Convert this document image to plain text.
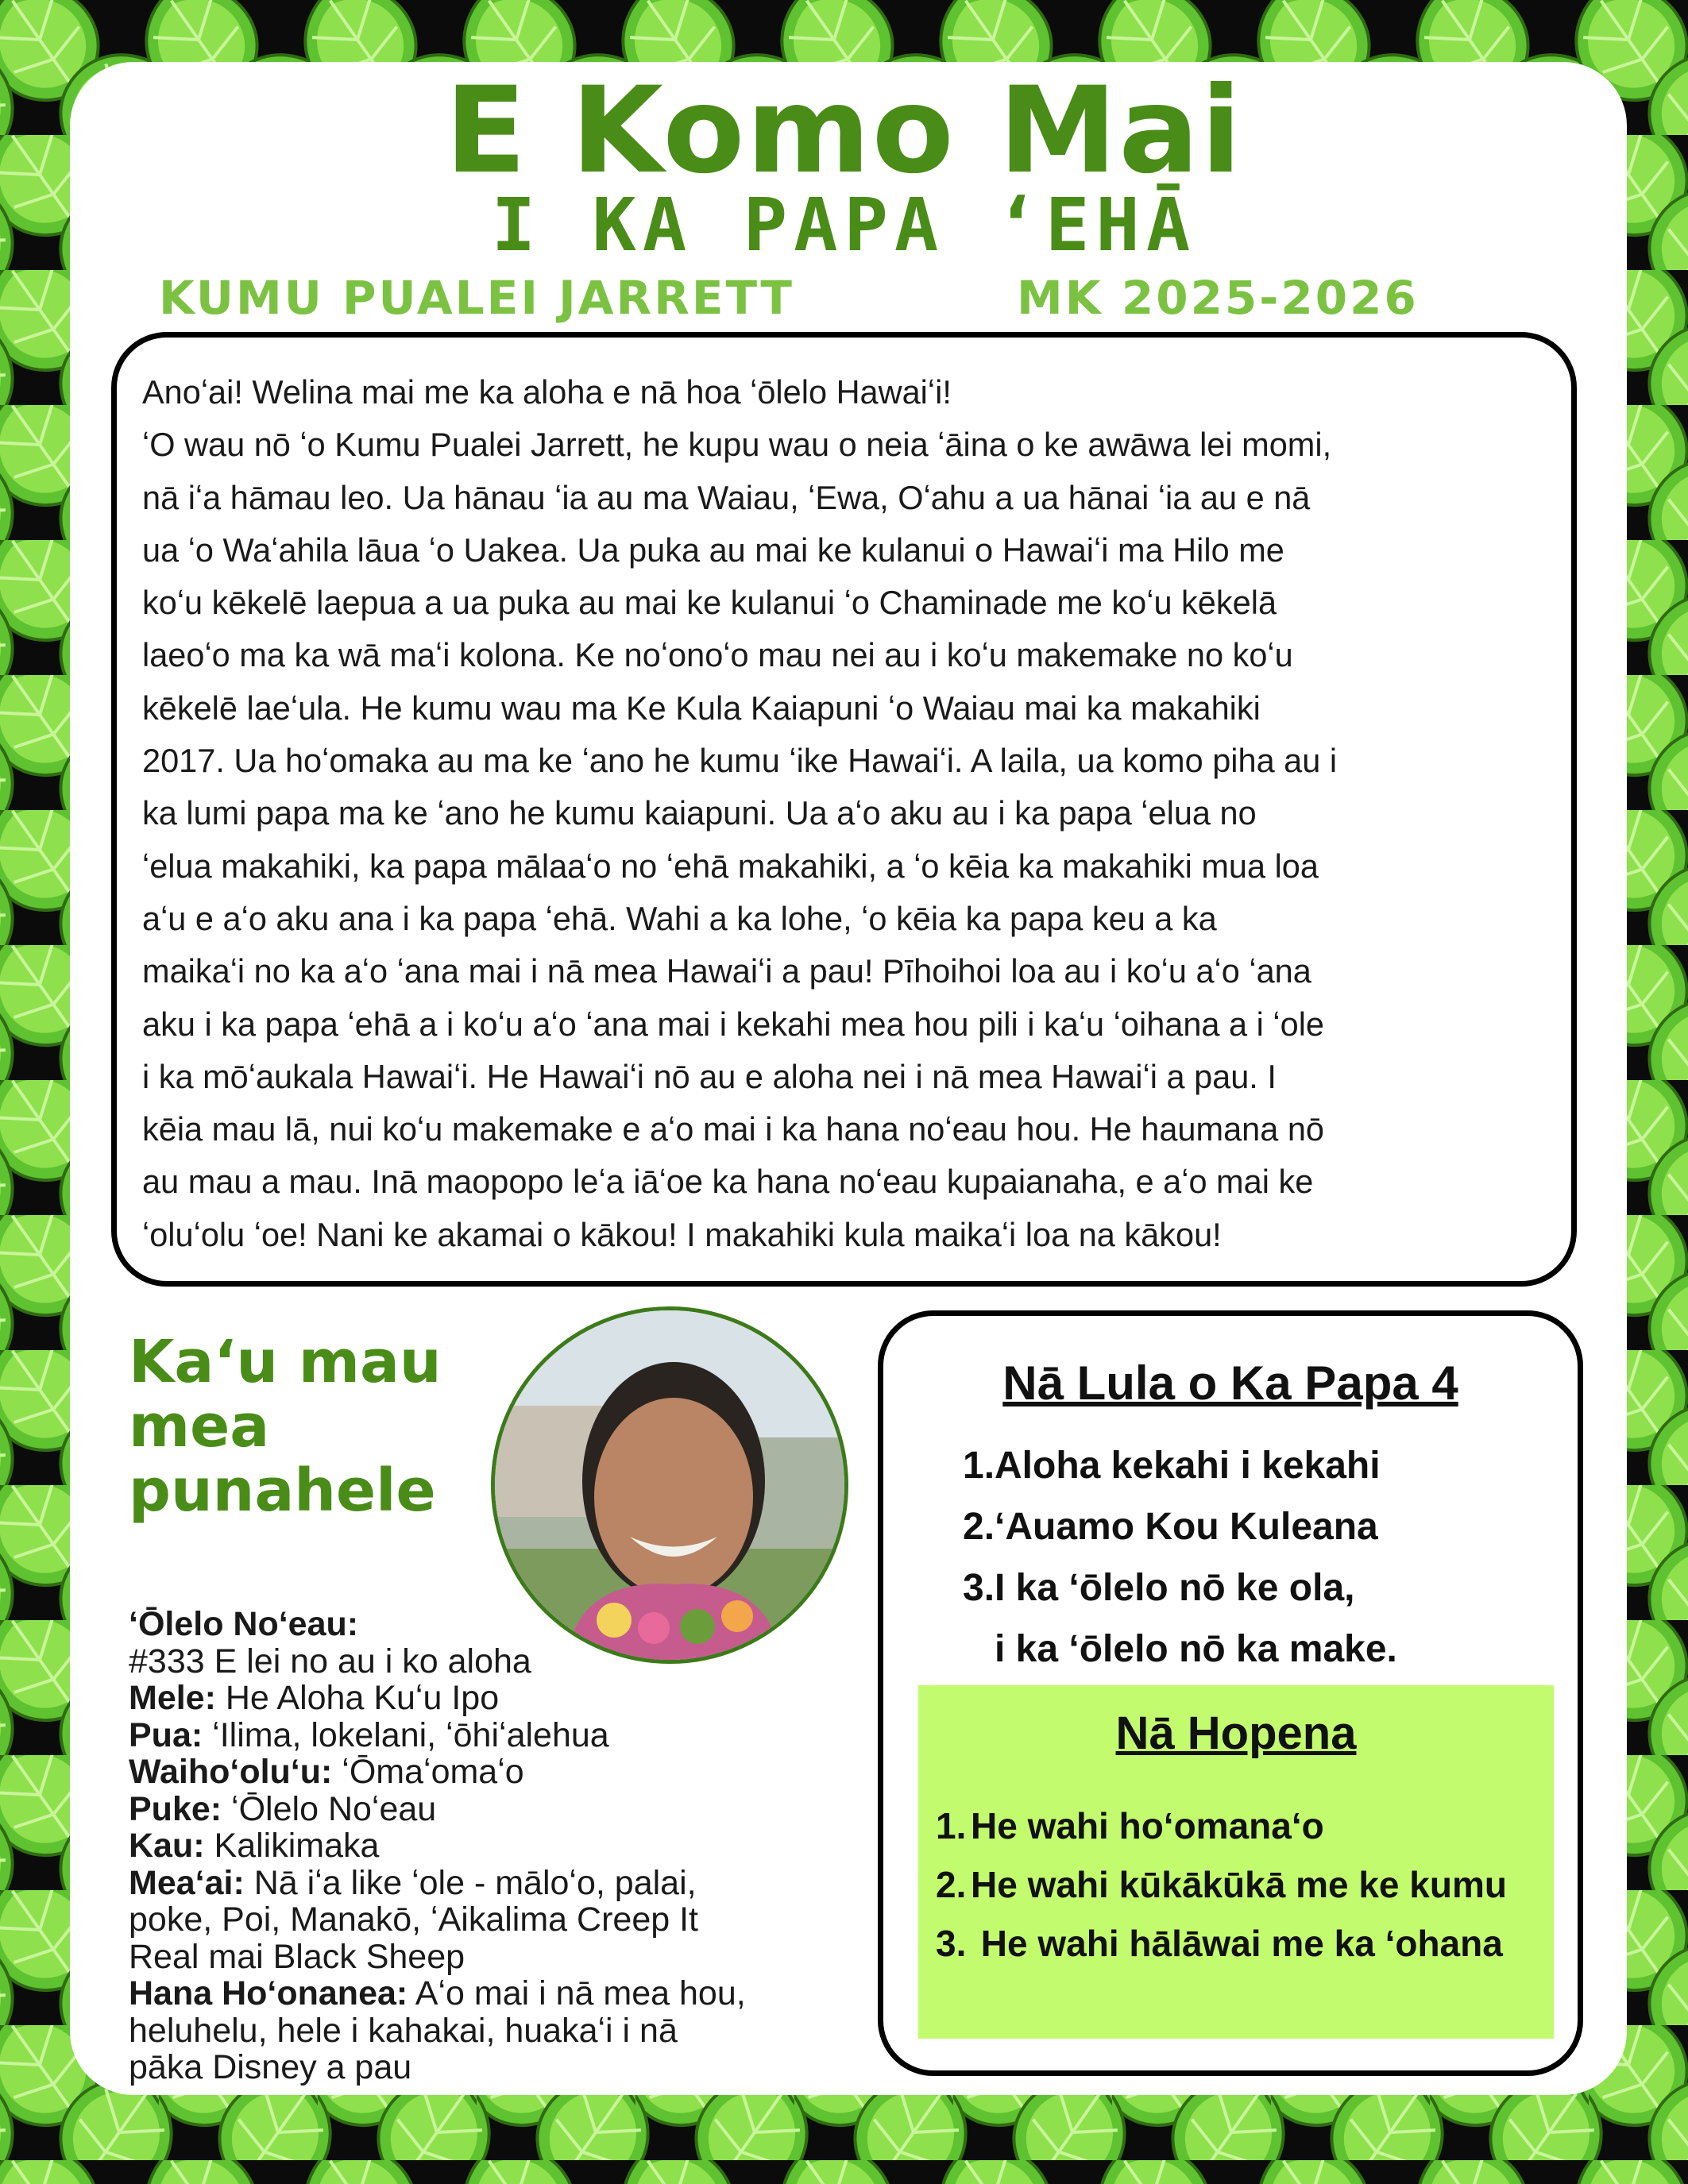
E Komo Mai
I KA PAPA ʻEHĀ
KUMU PUALEI JARRETT	MK 2025-2026

Anoʻai! Welina mai me ka aloha e nā hoa ʻōlelo Hawaiʻi!

ʻO wau nō ʻo Kumu Pualei Jarrett, he kupu wau o neia ʻāina o ke awāwa lei momi,

nā iʻa hāmau leo. Ua hānau ʻia au ma Waiau, ʻEwa, Oʻahu a ua hānai ʻia au e nā

ua ʻo Waʻahila lāua ʻo Uakea. Ua puka au mai ke kulanui o Hawaiʻi ma Hilo me

koʻu kēkelē laepua a ua puka au mai ke kulanui ʻo Chaminade me koʻu kēkelā

laeoʻo ma ka wā maʻi kolona. Ke noʻonoʻo mau nei au i koʻu makemake no koʻu

kēkelē laeʻula. He kumu wau ma Ke Kula Kaiapuni ʻo Waiau mai ka makahiki

2017. Ua hoʻomaka au ma ke ʻano he kumu ʻike Hawaiʻi. A laila, ua komo piha au i

ka lumi papa ma ke ʻano he kumu kaiapuni. Ua aʻo aku au i ka papa ʻelua no

ʻelua makahiki, ka papa mālaaʻo no ʻehā makahiki, a ʻo kēia ka makahiki mua loa

aʻu e aʻo aku ana i ka papa ʻehā. Wahi a ka lohe, ʻo kēia ka papa keu a ka

maikaʻi no ka aʻo ʻana mai i nā mea Hawaiʻi a pau! Pīhoihoi loa au i koʻu aʻo ʻana

aku i ka papa ʻehā a i koʻu aʻo ʻana mai i kekahi mea hou pili i kaʻu ʻoihana a i ʻole

i ka mōʻaukala Hawaiʻi. He Hawaiʻi nō au e aloha nei i nā mea Hawaiʻi a pau. I

kēia mau lā, nui koʻu makemake e aʻo mai i ka hana noʻeau hou. He haumana nō

au mau a mau. Inā maopopo leʻa iāʻoe ka hana noʻeau kupaianaha, e aʻo mai ke

ʻoluʻolu ʻoe! Nani ke akamai o kākou! I makahiki kula maikaʻi loa na kākou!

Kaʻu mau mea punahele
ʻŌlelo Noʻeau:
#333 E lei no au i ko aloha
Mele: He Aloha Kuʻu Ipo
Pua: ʻIlima, lokelani, ʻōhiʻalehua
Waihoʻoluʻu: ʻŌmaʻomaʻo
Puke: ʻŌlelo Noʻeau
Kau: Kalikimaka
Meaʻai: Nā iʻa like ʻole - māloʻo, palai,
poke, Poi, Manakō, ʻAikalima Creep It
Real mai Black Sheep
Hana Hoʻonanea: Aʻo mai i nā mea hou,
heluhelu, hele i kahakai, huakaʻi i nā
pāka Disney a pau
Nā Lula o Ka Papa 4
1.Aloha kekahi i kekahi
2.ʻAuamo Kou Kuleana
3.I ka ʻōlelo nō ke ola,
i ka ʻōlelo nō ka make.
Nā Hopena
1. He wahi hoʻomanaʻo
2. He wahi kūkākūkā me ke kumu
3. He wahi hālāwai me ka ʻohana
